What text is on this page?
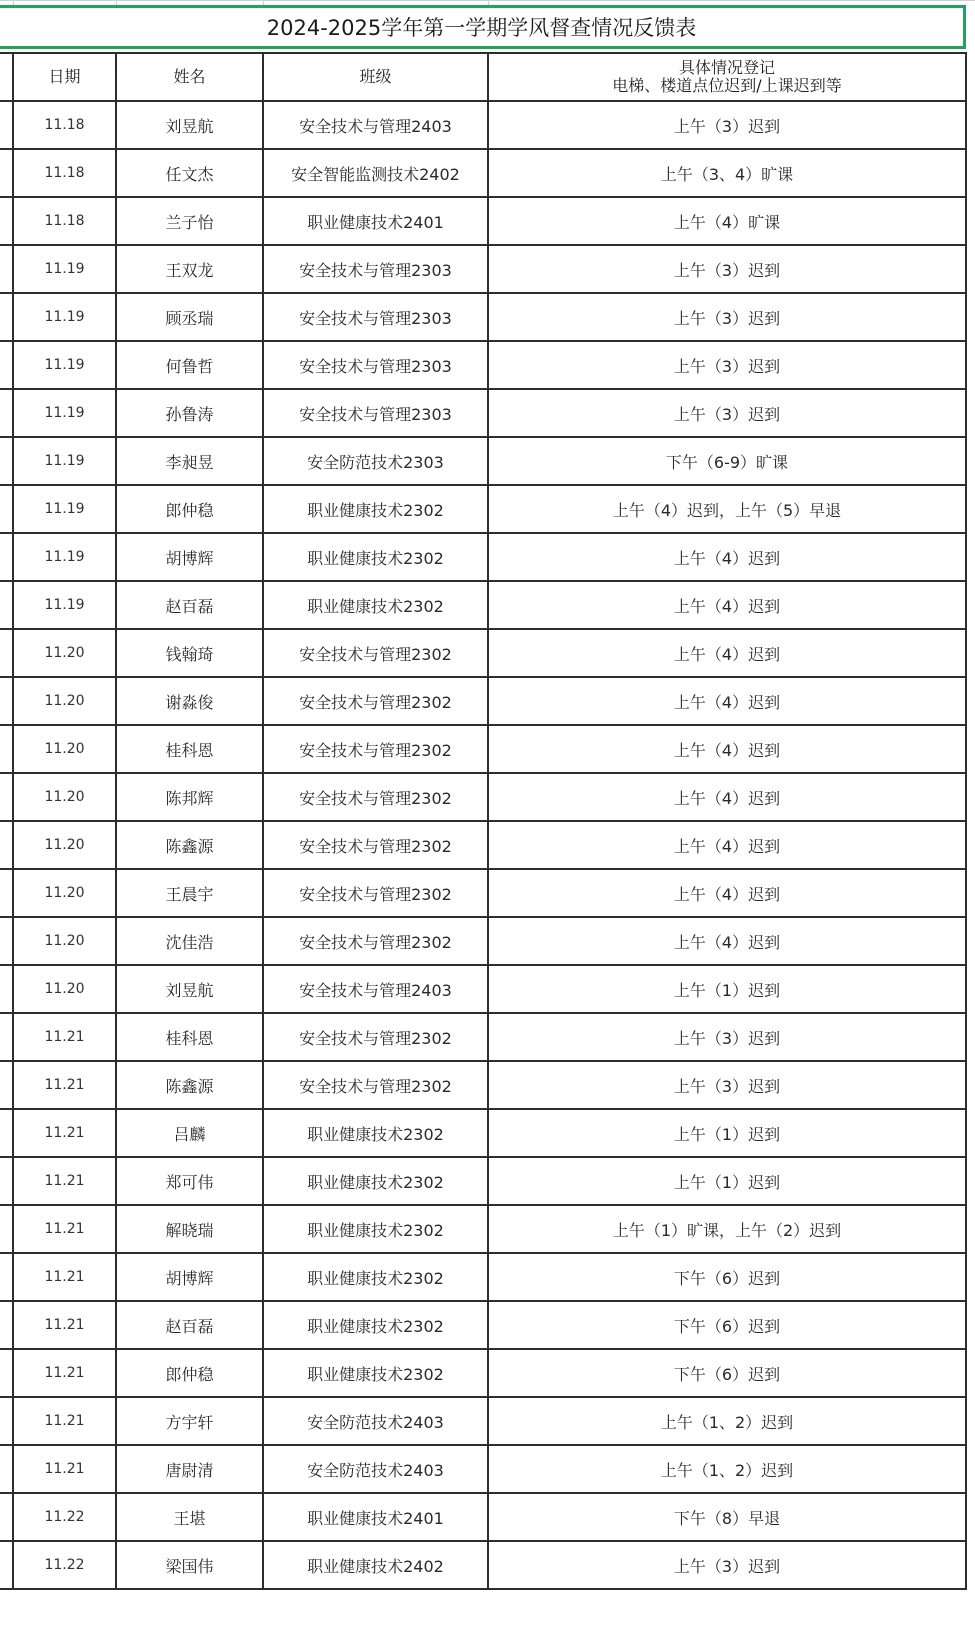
2024-2025学年第一学期学风督查情况反馈表
	日期	姓名	班级	具体情况登记
电梯、楼道点位迟到/上课迟到等

	11.18	刘昱航	安全技术与管理2403	上午（3）迟到
	11.18	任文杰	安全智能监测技术2402	上午（3、4）旷课
	11.18	兰子怡	职业健康技术2401	上午（4）旷课
	11.19	王双龙	安全技术与管理2303	上午（3）迟到
	11.19	顾丞瑞	安全技术与管理2303	上午（3）迟到
	11.19	何鲁哲	安全技术与管理2303	上午（3）迟到
	11.19	孙鲁涛	安全技术与管理2303	上午（3）迟到
	11.19	李昶昱	安全防范技术2303	下午（6-9）旷课
	11.19	郎仲稳	职业健康技术2302	上午（4）迟到，上午（5）早退
	11.19	胡博辉	职业健康技术2302	上午（4）迟到
	11.19	赵百磊	职业健康技术2302	上午（4）迟到
	11.20	钱翰琦	安全技术与管理2302	上午（4）迟到
	11.20	谢淼俊	安全技术与管理2302	上午（4）迟到
	11.20	桂科恩	安全技术与管理2302	上午（4）迟到
	11.20	陈邦辉	安全技术与管理2302	上午（4）迟到
	11.20	陈鑫源	安全技术与管理2302	上午（4）迟到
	11.20	王晨宇	安全技术与管理2302	上午（4）迟到
	11.20	沈佳浩	安全技术与管理2302	上午（4）迟到
	11.20	刘昱航	安全技术与管理2403	上午（1）迟到
	11.21	桂科恩	安全技术与管理2302	上午（3）迟到
	11.21	陈鑫源	安全技术与管理2302	上午（3）迟到
	11.21	吕麟	职业健康技术2302	上午（1）迟到
	11.21	郑可伟	职业健康技术2302	上午（1）迟到
	11.21	解晓瑞	职业健康技术2302	上午（1）旷课，上午（2）迟到
	11.21	胡博辉	职业健康技术2302	下午（6）迟到
	11.21	赵百磊	职业健康技术2302	下午（6）迟到
	11.21	郎仲稳	职业健康技术2302	下午（6）迟到
	11.21	方宇轩	安全防范技术2403	上午（1、2）迟到
	11.21	唐尉清	安全防范技术2403	上午（1、2）迟到
	11.22	王堪	职业健康技术2401	下午（8）早退
	11.22	梁国伟	职业健康技术2402	上午（3）迟到
